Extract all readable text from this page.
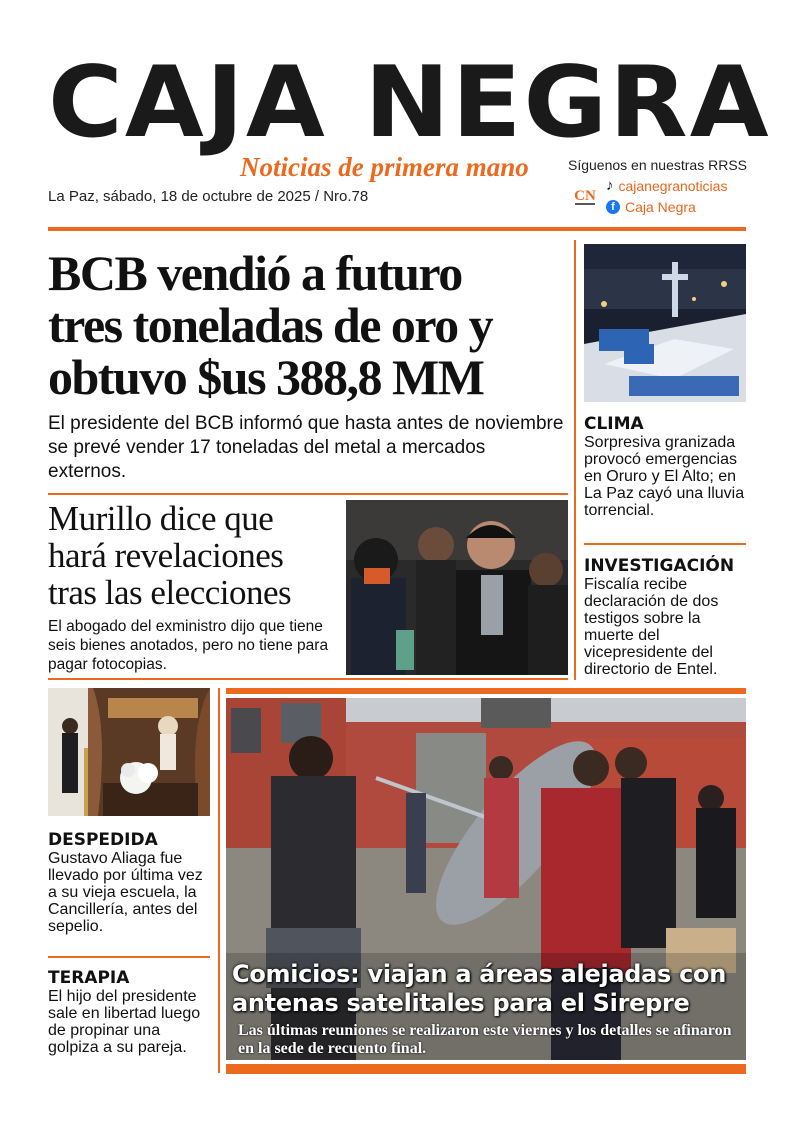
CAJA NEGRA
Noticias de primera mano
La Paz, sábado, 18 de octubre de 2025 / Nro.78
Síguenos en nuestras RRSS
CN
♪ cajanegranoticias
f Caja Negra
BCB vendió a futuro
tres toneladas de oro y
obtuvo $us 388,8 MM
El presidente del BCB informó que hasta antes de noviembre se prevé vender 17 toneladas del metal a mercados externos.
Murillo dice que
hará revelaciones
tras las elecciones
El abogado del exministro dijo que tiene seis bienes anotados, pero no tiene para pagar fotocopias.
CLIMA
Sorpresiva granizada provocó emergencias en Oruro y El Alto; en La Paz cayó una lluvia torrencial.
INVESTIGACIÓN
Fiscalía recibe declaración de dos testigos sobre la muerte del vicepresidente del directorio de Entel.
DESPEDIDA
Gustavo Aliaga fue llevado por última vez a su vieja escuela, la Cancillería, antes del sepelio.
TERAPIA
El hijo del presidente sale en libertad luego de propinar una golpiza a su pareja.
Comicios: viajan a áreas alejadas con
antenas satelitales para el Sirepre
Las últimas reuniones se realizaron este viernes y los detalles se afinaron en la sede de recuento final.
